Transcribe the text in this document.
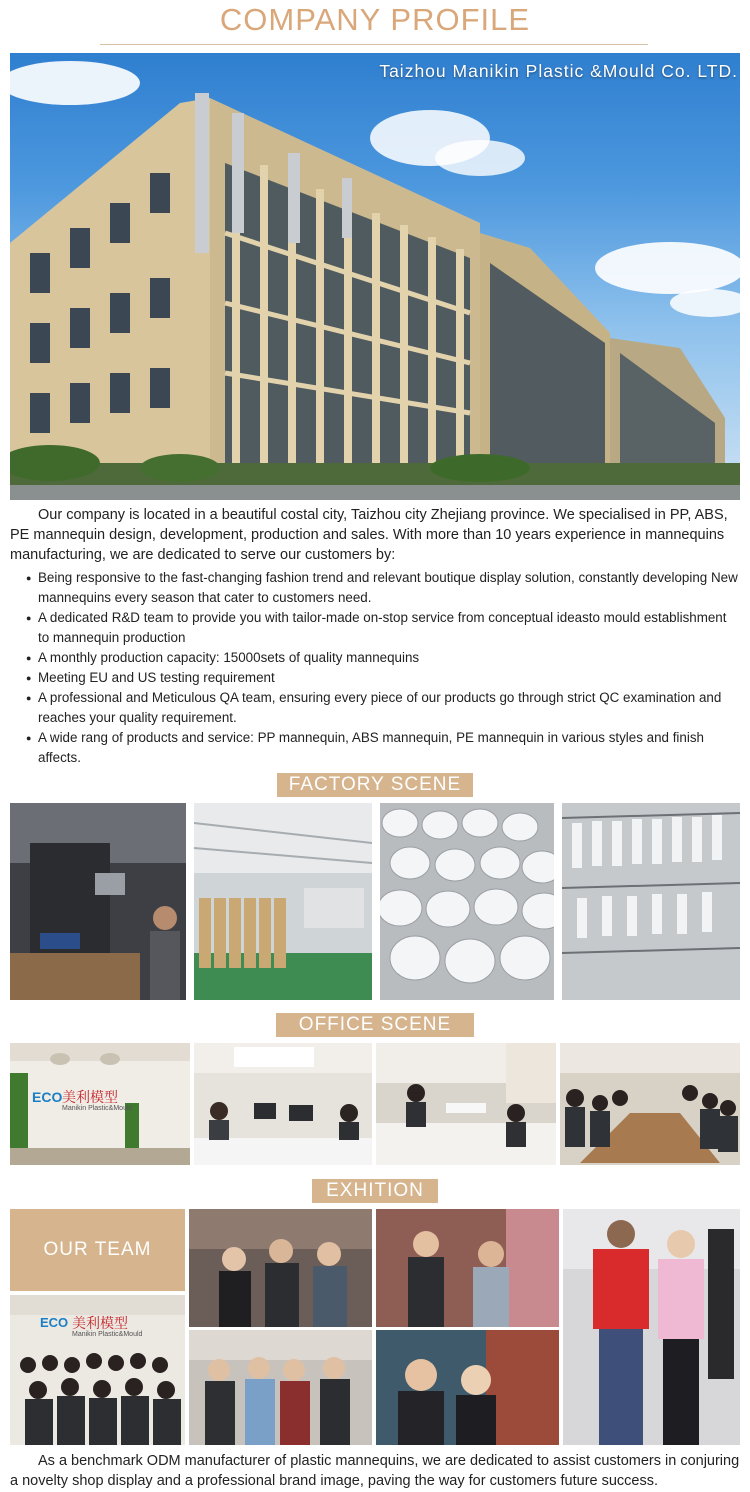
COMPANY PROFILE
Taizhou Manikin Plastic &Mould Co. LTD.
Our company is located in a beautiful costal city, Taizhou city Zhejiang province. We specialised in PP, ABS, PE mannequin design, development, production and sales. With more than 10 years experience in mannequins manufacturing, we are dedicated to serve our customers by:
● Being responsive to the fast-changing fashion trend and relevant boutique display solution, constantly developing New mannequins every season that cater to customers need.
● A dedicated R&D team to provide you with tailor-made on-stop service from conceptual ideasto mould establishment to mannequin production
● A monthly production capacity: 15000sets of quality mannequins
● Meeting EU and US testing requirement
● A professional and Meticulous QA team, ensuring every piece of our products go through strict QC examination and reaches your quality requirement.
● A wide rang of products and service: PP mannequin, ABS mannequin, PE mannequin in various styles and finish affects.
FACTORY SCENE
OFFICE SCENE
ECO 美利模型
Manikin Plastic&Mould
EXHITION
OUR TEAM
ECO 美利模型
Manikin Plastic&Mould
As a benchmark ODM manufacturer of plastic mannequins, we are dedicated to assist customers in conjuring a novelty shop display and a professional brand image, paving the way for customers future success.
